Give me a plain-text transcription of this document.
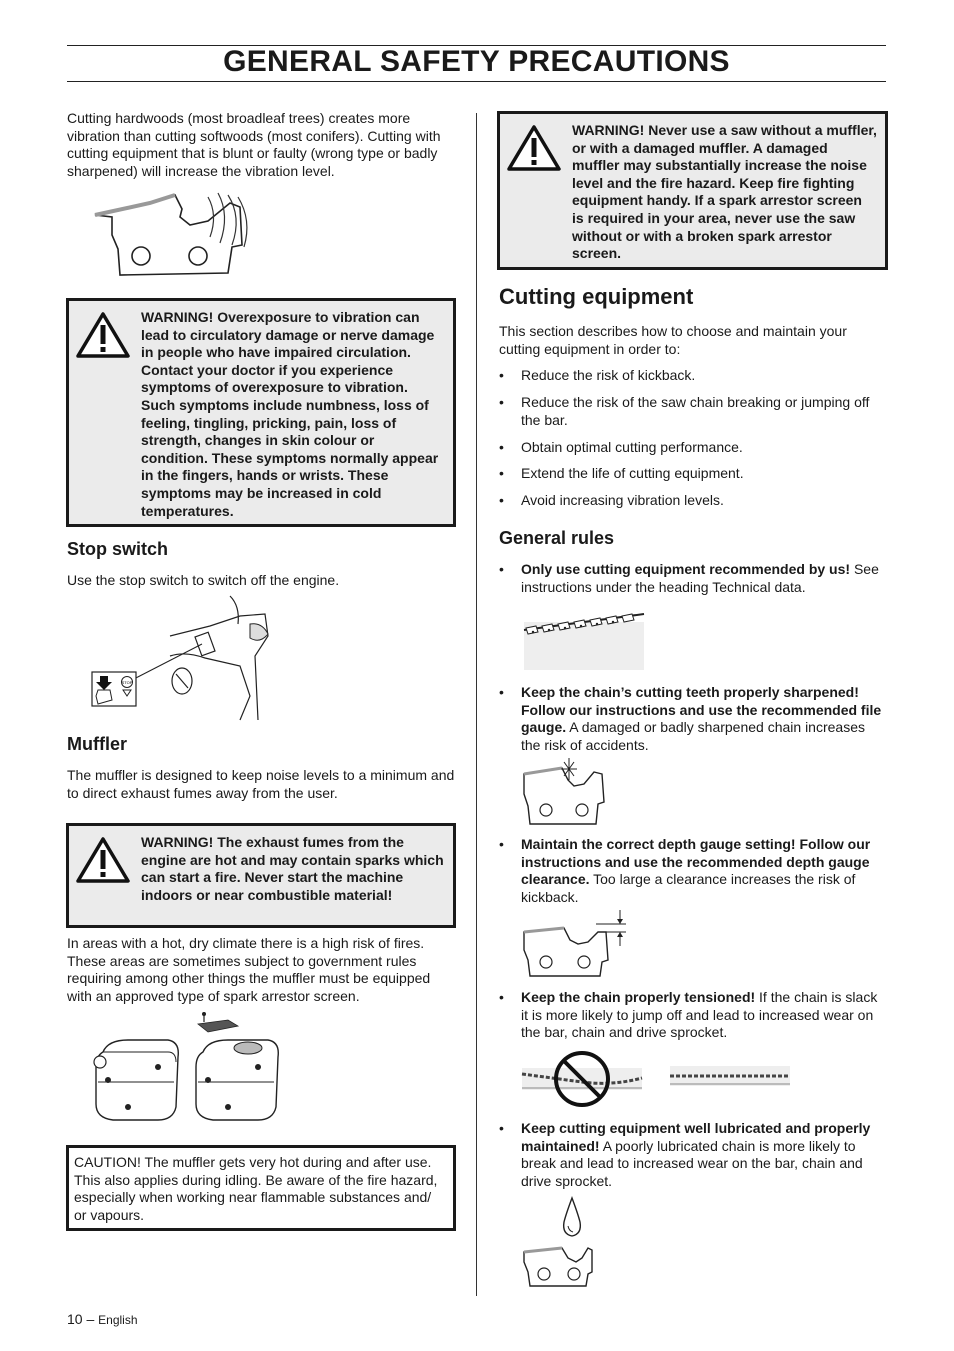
GENERAL SAFETY PRECAUTIONS
Cutting hardwoods (most broadleaf trees) creates more vibration than cutting softwoods (most conifers). Cutting with cutting equipment that is blunt or faulty (wrong type or badly sharpened) will increase the vibration level.
WARNING! Overexposure to vibration can lead to circulatory damage or nerve damage in people who have impaired circulation. Contact your doctor if you experience symptoms of overexposure to vibration. Such symptoms include numbness, loss of feeling, tingling, pricking, pain, loss of strength, changes in skin colour or condition. These symptoms normally appear in the fingers, hands or wrists. These symptoms may be increased in cold temperatures.
Stop switch
Use the stop switch to switch off the engine.
STOP
Muffler
The muffler is designed to keep noise levels to a minimum and to direct exhaust fumes away from the user.
WARNING! The exhaust fumes from the engine are hot and may contain sparks which can start a fire. Never start the machine indoors or near combustible material!
In areas with a hot, dry climate there is a high risk of fires. These areas are sometimes subject to government rules requiring among other things the muffler must be equipped with an approved type of spark arrestor screen.
CAUTION! The muffler gets very hot during and after use. This also applies during idling. Be aware of the fire hazard, especially when working near flammable substances and/ or vapours.
WARNING! Never use a saw without a muffler, or with a damaged muffler. A damaged muffler may substantially increase the noise level and the fire hazard. Keep fire fighting equipment handy. If a spark arrestor screen is required in your area, never use the saw without or with a broken spark arrestor screen.
Cutting equipment
This section describes how to choose and maintain your cutting equipment in order to:
• Reduce the risk of kickback.
• Reduce the risk of the saw chain breaking or jumping off the bar.
• Obtain optimal cutting performance.
• Extend the life of cutting equipment.
• Avoid increasing vibration levels.
General rules
• Only use cutting equipment recommended by us! See instructions under the heading Technical data.
• Keep the chain’s cutting teeth properly sharpened! Follow our instructions and use the recommended file gauge. A damaged or badly sharpened chain increases the risk of accidents.
• Maintain the correct depth gauge setting! Follow our instructions and use the recommended depth gauge clearance. Too large a clearance increases the risk of kickback.
• Keep the chain properly tensioned! If the chain is slack it is more likely to jump off and lead to increased wear on the bar, chain and drive sprocket.
• Keep cutting equipment well lubricated and properly maintained! A poorly lubricated chain is more likely to break and lead to increased wear on the bar, chain and drive sprocket.
10 – English
